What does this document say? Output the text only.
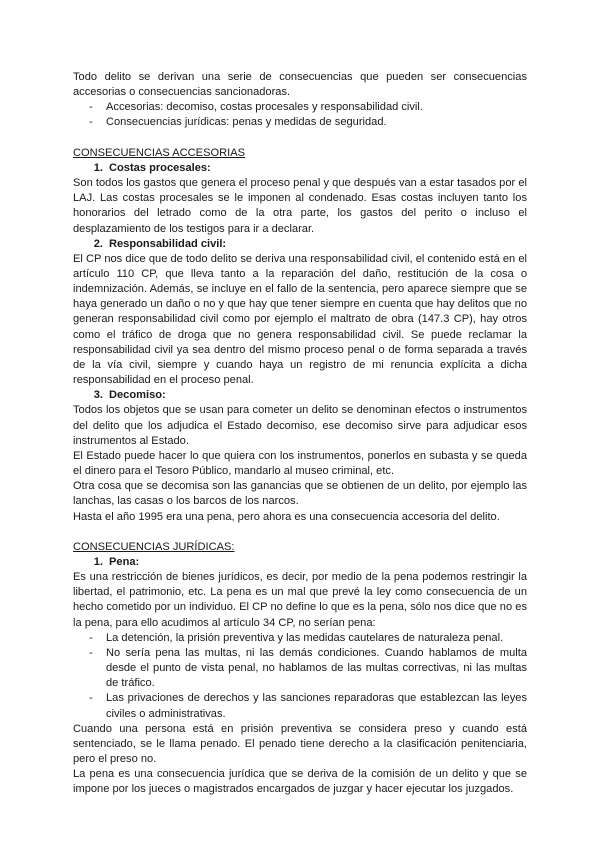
Todo delito se derivan una serie de consecuencias que pueden ser consecuencias accesorias o consecuencias sancionadoras.

-	Accesorias: decomiso, costas procesales y responsabilidad civil.
-	Consecuencias jurídicas: penas y medidas de seguridad.

CONSECUENCIAS ACCESORIAS

1. Costas procesales:

Son todos los gastos que genera el proceso penal y que después van a estar tasados por el LAJ. Las costas procesales se le imponen al condenado. Esas costas incluyen tanto los honorarios del letrado como de la otra parte, los gastos del perito o incluso el desplazamiento de los testigos para ir a declarar.

2. Responsabilidad civil:

El CP nos dice que de todo delito se deriva una responsabilidad civil, el contenido está en el artículo 110 CP, que lleva tanto a la reparación del daño, restitución de la cosa o indemnización. Además, se incluye en el fallo de la sentencia, pero aparece siempre que se haya generado un daño o no y que hay que tener siempre en cuenta que hay delitos que no generan responsabilidad civil como por ejemplo el maltrato de obra (147.3 CP), hay otros como el tráfico de droga que no genera responsabilidad civil. Se puede reclamar la responsabilidad civil ya sea dentro del mismo proceso penal o de forma separada a través de la vía civil, siempre y cuando haya un registro de mi renuncia explícita a dicha responsabilidad en el proceso penal.

3. Decomiso:

Todos los objetos que se usan para cometer un delito se denominan efectos o instrumentos del delito que los adjudica el Estado decomiso, ese decomiso sirve para adjudicar esos instrumentos al Estado.

El Estado puede hacer lo que quiera con los instrumentos, ponerlos en subasta y se queda el dinero para el Tesoro Público, mandarlo al museo criminal, etc.

Otra cosa que se decomisa son las ganancias que se obtienen de un delito, por ejemplo las lanchas, las casas o los barcos de los narcos.

Hasta el año 1995 era una pena, pero ahora es una consecuencia accesoria del delito.

CONSECUENCIAS JURÍDICAS:

1. Pena:

Es una restricción de bienes jurídicos, es decir, por medio de la pena podemos restringir la libertad, el patrimonio, etc. La pena es un mal que prevé la ley como consecuencia de un hecho cometido por un individuo. El CP no define lo que es la pena, sólo nos dice que no es la pena, para ello acudimos al artículo 34 CP, no serían pena:

-	La detención, la prisión preventiva y las medidas cautelares de naturaleza penal.
-	No sería pena las multas, ni las demás condiciones. Cuando hablamos de multa desde el punto de vista penal, no hablamos de las multas correctivas, ni las multas de tráfico.
-	Las privaciones de derechos y las sanciones reparadoras que establezcan las leyes civiles o administrativas.

Cuando una persona está en prisión preventiva se considera preso y cuando está sentenciado, se le llama penado. El penado tiene derecho a la clasificación penitenciaria, pero el preso no.

La pena es una consecuencia jurídica que se deriva de la comisión de un delito y que se impone por los jueces o magistrados encargados de juzgar y hacer ejecutar los juzgados.
